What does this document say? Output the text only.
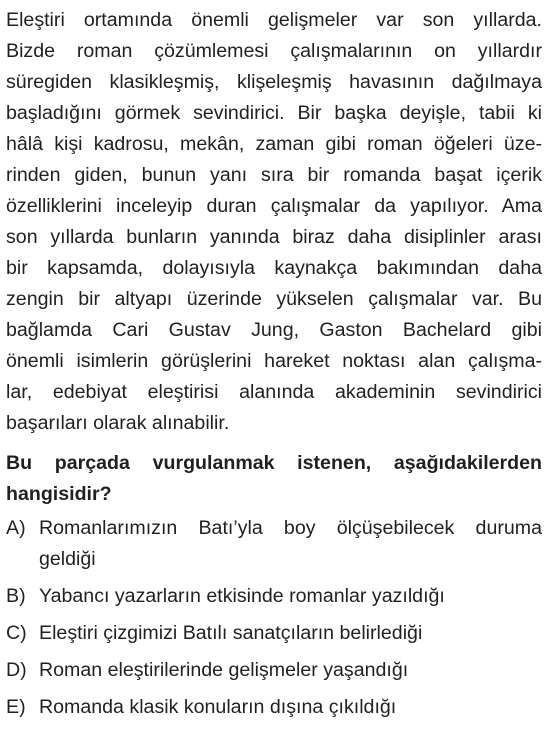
Eleştiri ortamında önemli gelişmeler var son yıllarda.
Bizde roman çözümlemesi çalışmalarının on yıllardır
süregiden klasikleşmiş, klişeleşmiş havasının dağılmaya
başladığını görmek sevindirici. Bir başka deyişle, tabii ki
hâlâ kişi kadrosu, mekân, zaman gibi roman öğeleri üze-
rinden giden, bunun yanı sıra bir romanda başat içerik
özelliklerini inceleyip duran çalışmalar da yapılıyor. Ama
son yıllarda bunların yanında biraz daha disiplinler arası
bir kapsamda, dolayısıyla kaynakça bakımından daha
zengin bir altyapı üzerinde yükselen çalışmalar var. Bu
bağlamda Cari Gustav Jung, Gaston Bachelard gibi
önemli isimlerin görüşlerini hareket noktası alan çalışma-
lar, edebiyat eleştirisi alanında akademinin sevindirici
başarıları olarak alınabilir.
Bu parçada vurgulanmak istenen, aşağıdakilerden
hangisidir?
A) Romanlarımızın Batı’yla boy ölçüşebilecek duruma
geldiği
B) Yabancı yazarların etkisinde romanlar yazıldığı
C) Eleştiri çizgimizi Batılı sanatçıların belirlediği
D) Roman eleştirilerinde gelişmeler yaşandığı
E) Romanda klasik konuların dışına çıkıldığı
